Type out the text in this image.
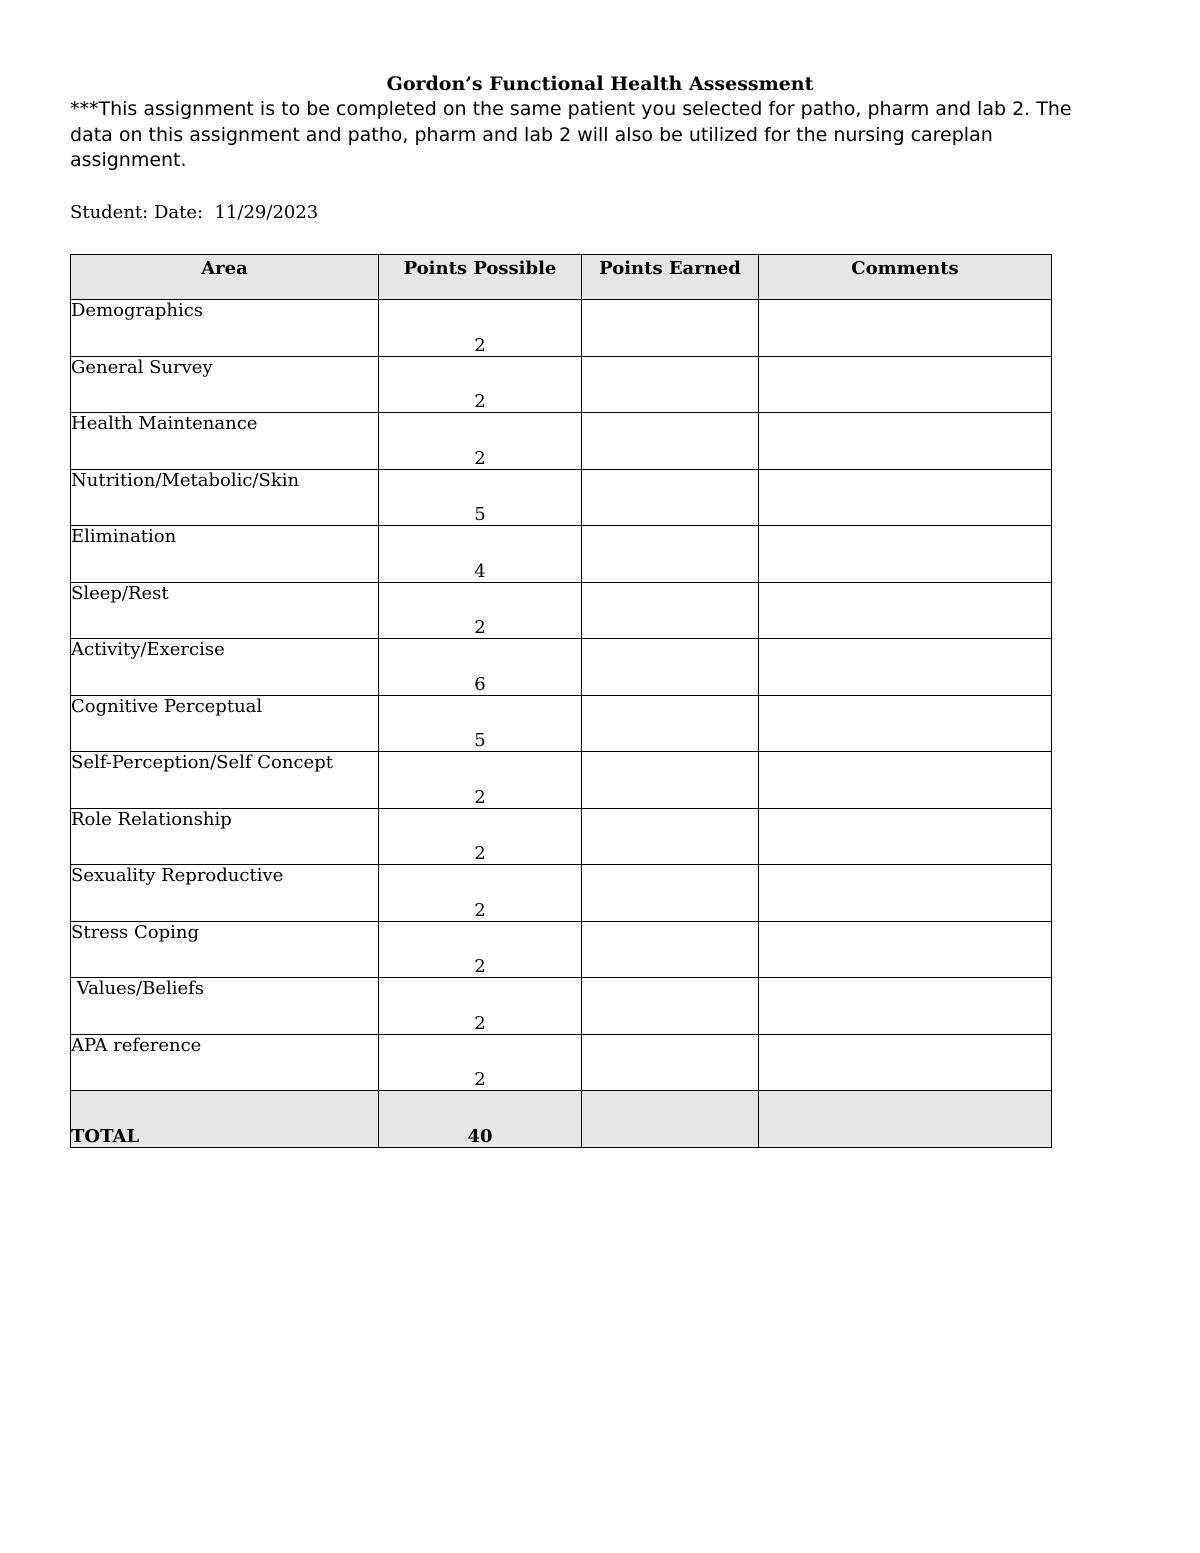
Gordon’s Functional Health Assessment

***This assignment is to be completed on the same patient you selected for patho, pharm and lab 2. The data on this assignment and patho, pharm and lab 2 will also be utilized for the nursing careplan assignment.

Student: Date:  11/29/2023
Area	Points Possible	Points Earned	Comments
Demographics	2		
General Survey	2		
Health Maintenance	2		
Nutrition/Metabolic/Skin	5		
Elimination	4		
Sleep/Rest	2		
Activity/Exercise	6		
Cognitive Perceptual	5		
Self-Perception/Self Concept	2		
Role Relationship	2		
Sexuality Reproductive	2		
Stress Coping	2		
Values/Beliefs	2		
APA reference	2		
TOTAL	40		
